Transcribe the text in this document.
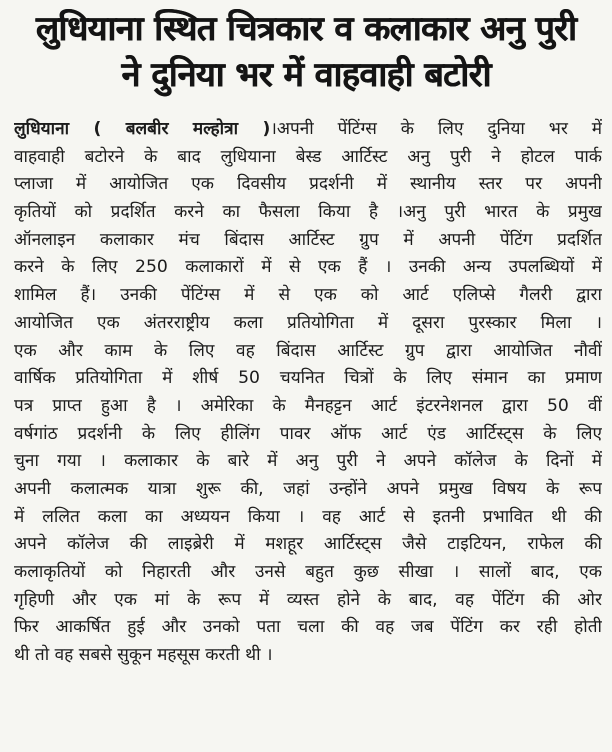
लुधियाना स्थित चित्रकार व कलाकार अनु पुरी
ने दुनिया भर में वाहवाही बटोरी
लुधियाना ( बलबीर मल्होत्रा )।अपनी पेंटिंग्स के लिए दुनिया भर में
वाहवाही बटोरने के बाद लुधियाना बेस्ड आर्टिस्ट अनु पुरी ने होटल पार्क
प्लाजा में आयोजित एक दिवसीय प्रदर्शनी में स्थानीय स्तर पर अपनी
कृतियों को प्रदर्शित करने का फैसला किया है ।अनु पुरी भारत के प्रमुख
ऑनलाइन कलाकार मंच बिंदास आर्टिस्ट ग्रुप में अपनी पेंटिंग प्रदर्शित
करने के लिए 250 कलाकारों में से एक हैं । उनकी अन्य उपलब्धियों में
शामिल हैं। उनकी पेंटिंग्स में से एक को आर्ट एलिप्से गैलरी द्वारा
आयोजित एक अंतरराष्ट्रीय कला प्रतियोगिता में दूसरा पुरस्कार मिला ।
एक और काम के लिए वह बिंदास आर्टिस्ट ग्रुप द्वारा आयोजित नौवीं
वार्षिक प्रतियोगिता में शीर्ष 50 चयनित चित्रों के लिए संमान का प्रमाण
पत्र प्राप्त हुआ है । अमेरिका के मैनहट्टन आर्ट इंटरनेशनल द्वारा 50 वीं
वर्षगांठ प्रदर्शनी के लिए हीलिंग पावर ऑफ आर्ट एंड आर्टिस्ट्स के लिए
चुना गया । कलाकार के बारे में अनु पुरी ने अपने कॉलेज के दिनों में
अपनी कलात्मक यात्रा शुरू की, जहां उन्होंने अपने प्रमुख विषय के रूप
में ललित कला का अध्ययन किया । वह आर्ट से इतनी प्रभावित थी की
अपने कॉलेज की लाइब्रेरी में मशहूर आर्टिस्ट्स जैसे टाइटियन, राफेल की
कलाकृतियों को निहारती और उनसे बहुत कुछ सीखा । सालों बाद, एक
गृहिणी और एक मां के रूप में व्यस्त होने के बाद, वह पेंटिंग की ओर
फिर आकर्षित हुई और उनको पता चला की वह जब पेंटिंग कर रही होती
थी तो वह सबसे सुकून महसूस करती थी ।
